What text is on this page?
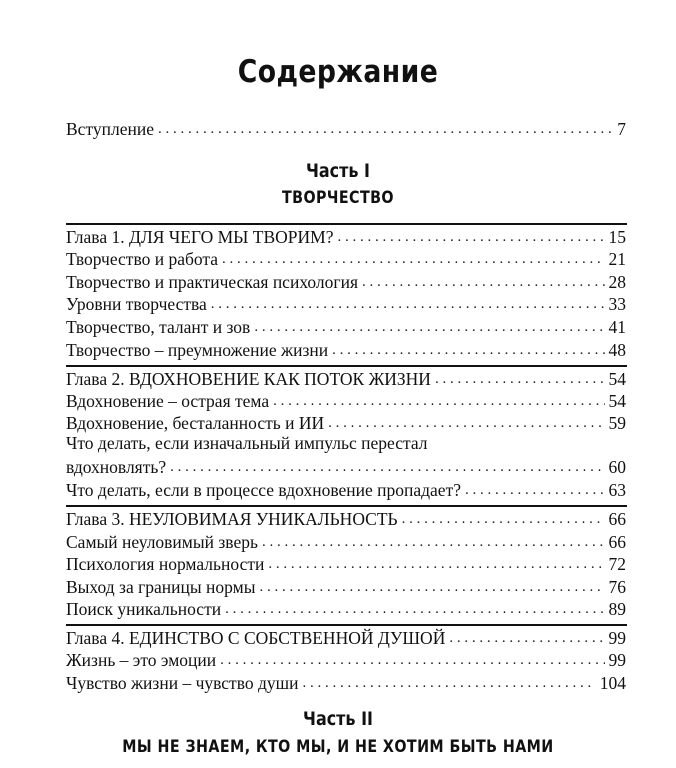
Содержание
Вступление . . .	7
Часть I
ТВОРЧЕСТВО
Глава 1. ДЛЯ ЧЕГО МЫ ТВОРИМ? . . .	15
Творчество и работа . . .	21
Творчество и практическая психология . . .	28
Уровни творчества . . .	33
Творчество, талант и зов . . .	41
Творчество – преумножение жизни . . .	48
Глава 2. ВДОХНОВЕНИЕ КАК ПОТОК ЖИЗНИ . . .	54
Вдохновение – острая тема . . .	54
Вдохновение, бесталанность и ИИ . . .	59
Что делать, если изначальный импульс перестал
вдохновлять? . . .	60
Что делать, если в процессе вдохновение пропадает? . . .	63
Глава 3. НЕУЛОВИМАЯ УНИКАЛЬНОСТЬ . . .	66
Самый неуловимый зверь . . .	66
Психология нормальности . . .	72
Выход за границы нормы . . .	76
Поиск уникальности . . .	89
Глава 4. ЕДИНСТВО С СОБСТВЕННОЙ ДУШОЙ . . .	99
Жизнь – это эмоции . . .	99
Чувство жизни – чувство души . . .	104
Часть II
МЫ НЕ ЗНАЕМ, КТО МЫ, И НЕ ХОТИМ БЫТЬ НАМИ
